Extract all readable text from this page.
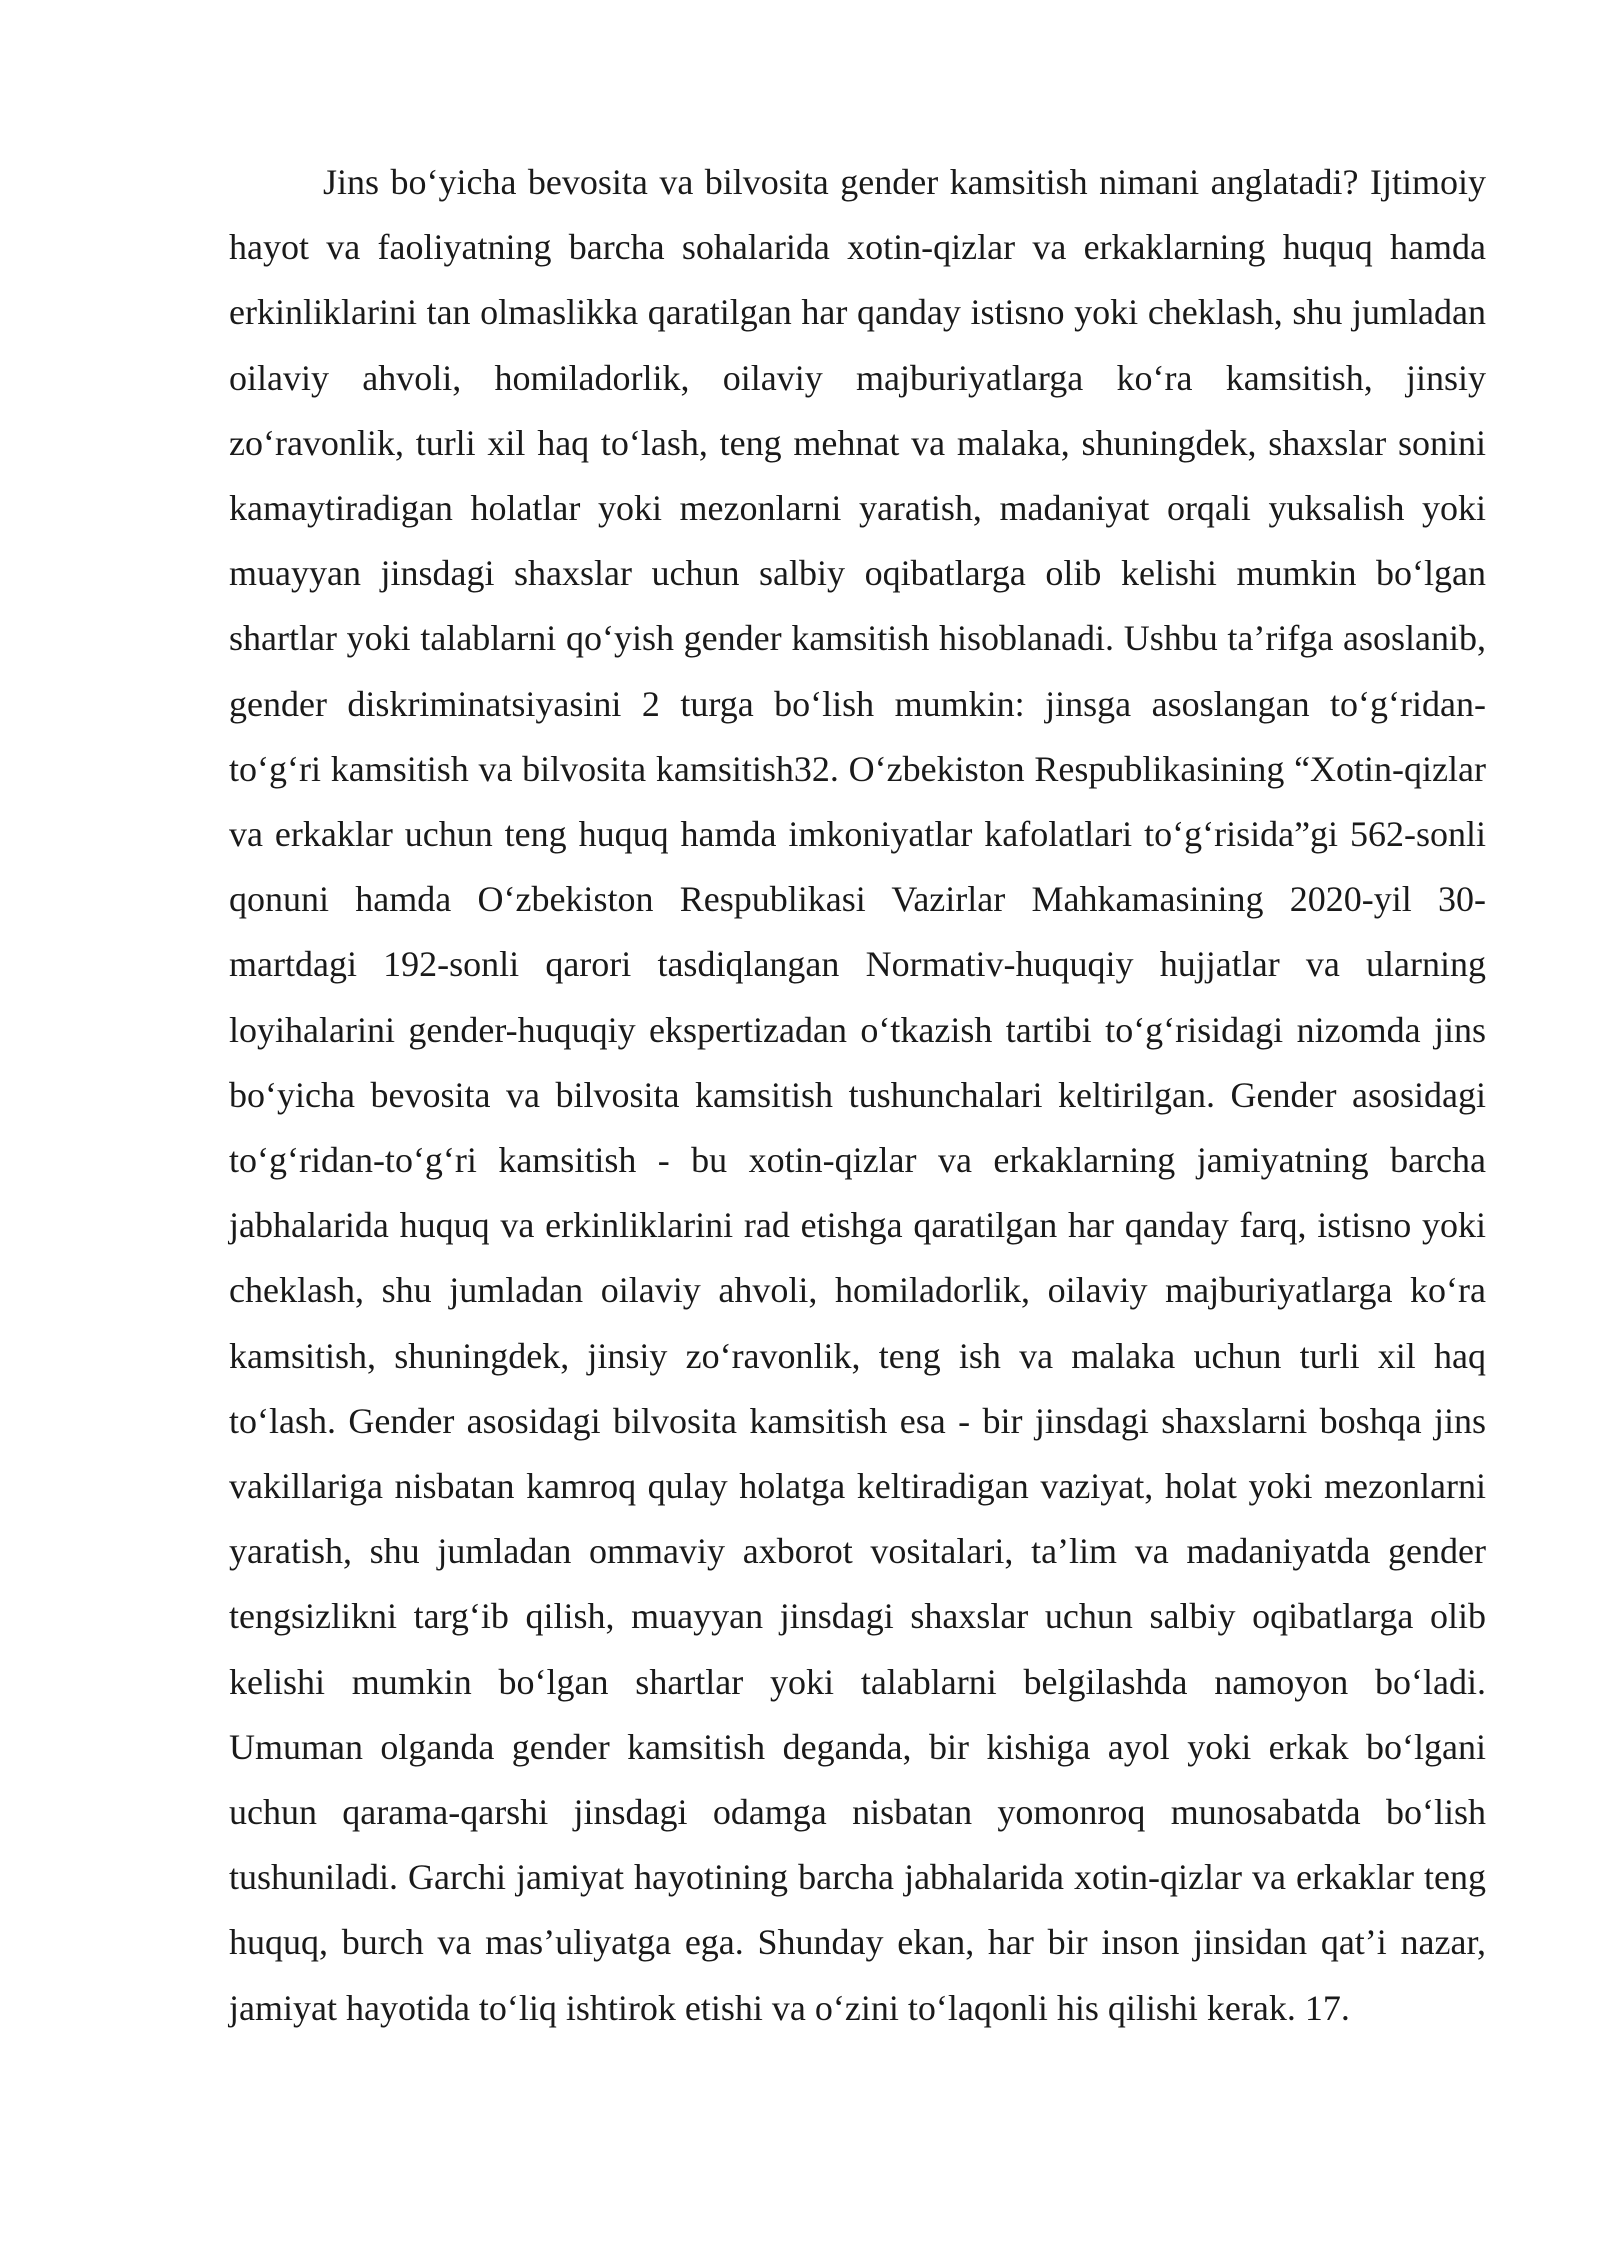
Jins bo‘yicha bevosita va bilvosita gender kamsitish nimani anglatadi? Ijtimoiy hayot va faoliyatning barcha sohalarida xotin-qizlar va erkaklarning huquq hamda erkinliklarini tan olmaslikka qaratilgan har qanday istisno yoki cheklash, shu jumladan oilaviy ahvoli, homiladorlik, oilaviy majburiyatlarga ko‘ra kamsitish, jinsiy zo‘ravonlik, turli xil haq to‘lash, teng mehnat va malaka, shuningdek, shaxslar sonini kamaytiradigan holatlar yoki mezonlarni yaratish, madaniyat orqali yuksalish yoki muayyan jinsdagi shaxslar uchun salbiy oqibatlarga olib kelishi mumkin bo‘lgan shartlar yoki talablarni qo‘yish gender kamsitish hisoblanadi. Ushbu ta’rifga asoslanib, gender diskriminatsiyasini 2 turga bo‘lish mumkin: jinsga asoslangan to‘g‘ridan-to‘g‘ri kamsitish va bilvosita kamsitish32. O‘zbekiston Respublikasining “Xotin-qizlar va erkaklar uchun teng huquq hamda imkoniyatlar kafolatlari to‘g‘risida”gi 562-sonli qonuni hamda O‘zbekiston Respublikasi Vazirlar Mahkamasining 2020-yil 30-martdagi 192-sonli qarori tasdiqlangan Normativ-huquqiy hujjatlar va ularning loyihalarini gender-huquqiy ekspertizadan o‘tkazish tartibi to‘g‘risidagi nizomda jins bo‘yicha bevosita va bilvosita kamsitish tushunchalari keltirilgan. Gender asosidagi to‘g‘ridan-to‘g‘ri kamsitish - bu xotin-qizlar va erkaklarning jamiyatning barcha jabhalarida huquq va erkinliklarini rad etishga qaratilgan har qanday farq, istisno yoki cheklash, shu jumladan oilaviy ahvoli, homiladorlik, oilaviy majburiyatlarga ko‘ra kamsitish, shuningdek, jinsiy zo‘ravonlik, teng ish va malaka uchun turli xil haq to‘lash. Gender asosidagi bilvosita kamsitish esa - bir jinsdagi shaxslarni boshqa jins vakillariga nisbatan kamroq qulay holatga keltiradigan vaziyat, holat yoki mezonlarni yaratish, shu jumladan ommaviy axborot vositalari, ta’lim va madaniyatda gender tengsizlikni targ‘ib qilish, muayyan jinsdagi shaxslar uchun salbiy oqibatlarga olib kelishi mumkin bo‘lgan shartlar yoki talablarni belgilashda namoyon bo‘ladi. Umuman olganda gender kamsitish deganda, bir kishiga ayol yoki erkak bo‘lgani uchun qarama-qarshi jinsdagi odamga nisbatan yomonroq munosabatda bo‘lish tushuniladi. Garchi jamiyat hayotining barcha jabhalarida xotin-qizlar va erkaklar teng huquq, burch va mas’uliyatga ega. Shunday ekan, har bir inson jinsidan qat’i nazar, jamiyat hayotida to‘liq ishtirok etishi va o‘zini to‘laqonli his qilishi kerak. 17.
